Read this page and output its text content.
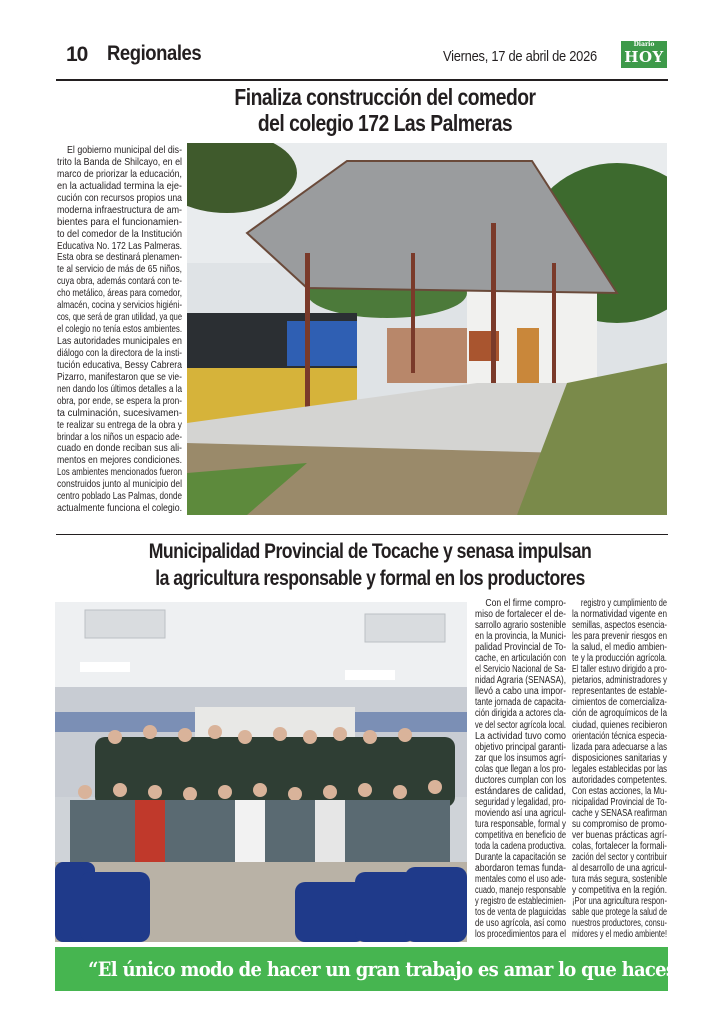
10 Regionales	Viernes, 17 de abril de 2026
Diario
HOY
Finaliza construcción del comedor
del colegio 172 Las Palmeras
El gobierno municipal del dis-
trito la Banda de Shilcayo, en el
marco de priorizar la educación,
en la actualidad termina la eje-
cución con recursos propios una
moderna infraestructura de am-
bientes para el funcionamien-
to del comedor de la Institución
Educativa No. 172 Las Palmeras.
Esta obra se destinará plenamen-
te al servicio de más de 65 niños,
cuya obra, además contará con te-
cho metálico, áreas para comedor,
almacén, cocina y servicios higiéni-
cos, que será de gran utilidad, ya que
el colegio no tenía estos ambientes.
Las autoridades municipales en
diálogo con la directora de la insti-
tución educativa, Bessy Cabrera
Pizarro, manifestaron que se vie-
nen dando los últimos detalles a la
obra, por ende, se espera la pron-
ta culminación, sucesivamen-
te realizar su entrega de la obra y
brindar a los niños un espacio ade-
cuado en donde reciban sus ali-
mentos en mejores condiciones.
Los ambientes mencionados fueron
construidos junto al municipio del
centro poblado Las Palmas, donde
actualmente funciona el colegio.
Municipalidad Provincial de Tocache y senasa impulsan
la agricultura responsable y formal en los productores
Con el firme compro-
miso de fortalecer el de-
sarrollo agrario sostenible
en la provincia, la Munici-
palidad Provincial de To-
cache, en articulación con
el Servicio Nacional de Sa-
nidad Agraria (SENASA),
llevó a cabo una impor-
tante jornada de capacita-
ción dirigida a actores cla-
ve del sector agrícola local.
La actividad tuvo como
objetivo principal garanti-
zar que los insumos agrí-
colas que llegan a los pro-
ductores cumplan con los
estándares de calidad,
seguridad y legalidad, pro-
moviendo así una agricul-
tura responsable, formal y
competitiva en beneficio de
toda la cadena productiva.
Durante la capacitación se
abordaron temas funda-
mentales como el uso ade-
cuado, manejo responsable
y registro de establecimien-
tos de venta de plaguicidas
de uso agrícola, así como
los procedimientos para el
registro y cumplimiento de
la normatividad vigente en
semillas, aspectos esencia-
les para prevenir riesgos en
la salud, el medio ambien-
te y la producción agrícola.
El taller estuvo dirigido a pro-
pietarios, administradores y
representantes de estable-
cimientos de comercializa-
ción de agroquímicos de la
ciudad, quienes recibieron
orientación técnica especia-
lizada para adecuarse a las
disposiciones sanitarias y
legales establecidas por las
autoridades competentes.
Con estas acciones, la Mu-
nicipalidad Provincial de To-
cache y SENASA reafirman
su compromiso de promo-
ver buenas prácticas agrí-
colas, fortalecer la formali-
zación del sector y contribuir
al desarrollo de una agricul-
tura más segura, sostenible
y competitiva en la región.
¡Por una agricultura respon-
sable que protege la salud de
nuestros productores, consu-
midores y el medio ambiente!
“El único modo de hacer un gran trabajo es amar lo que haces”
